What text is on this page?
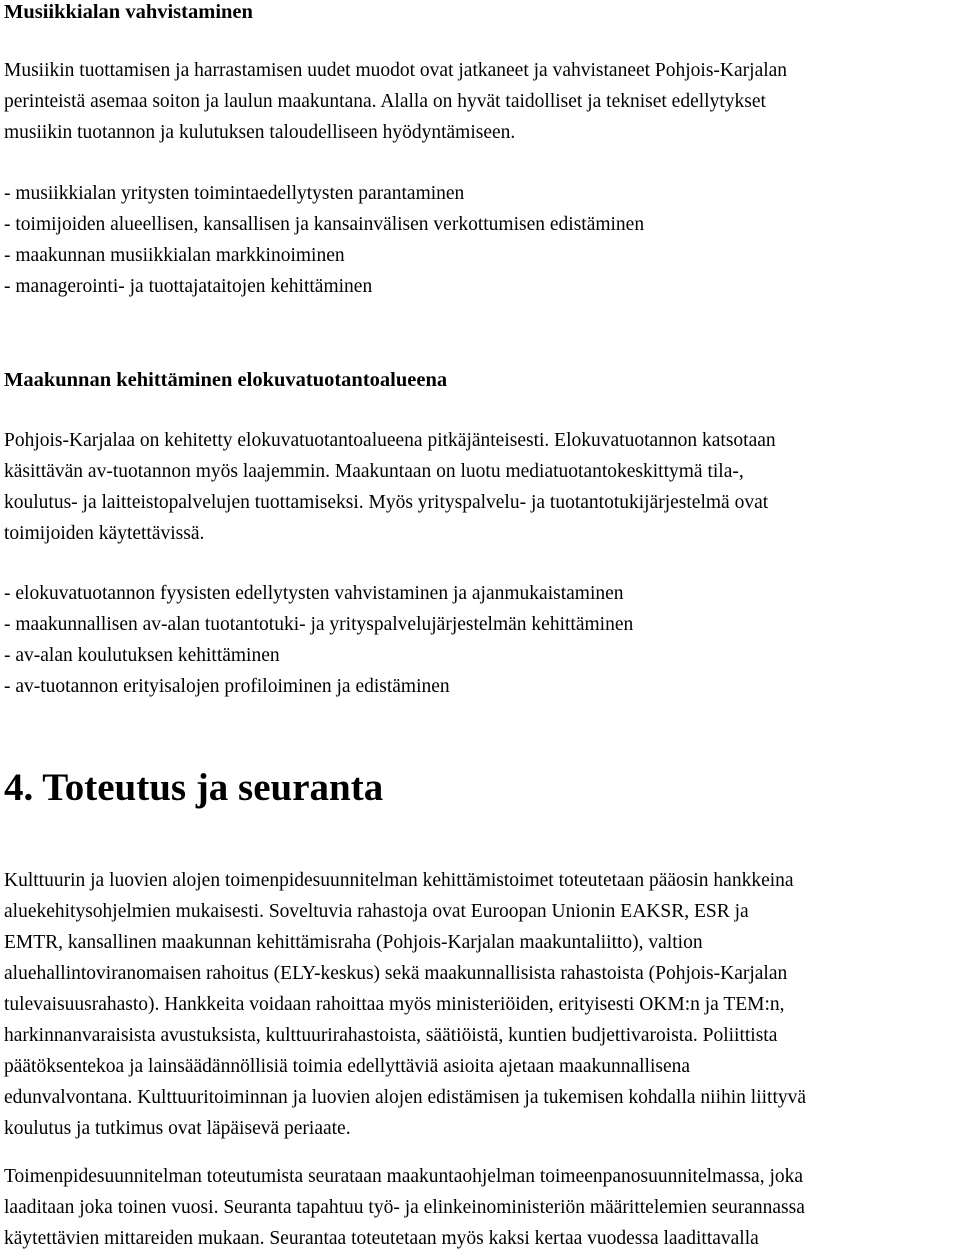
Musiikkialan vahvistaminen

Musiikin tuottamisen ja harrastamisen uudet muodot ovat jatkaneet ja vahvistaneet Pohjois-Karjalan
perinteistä asemaa soiton ja laulun maakuntana. Alalla on hyvät taidolliset ja tekniset edellytykset
musiikin tuotannon ja kulutuksen taloudelliseen hyödyntämiseen.

- musiikkialan yritysten toimintaedellytysten parantaminen
- toimijoiden alueellisen, kansallisen ja kansainvälisen verkottumisen edistäminen
- maakunnan musiikkialan markkinoiminen
- managerointi- ja tuottajataitojen kehittäminen
Maakunnan kehittäminen elokuvatuotantoalueena

Pohjois-Karjalaa on kehitetty elokuvatuotantoalueena pitkäjänteisesti. Elokuvatuotannon katsotaan
käsittävän av-tuotannon myös laajemmin. Maakuntaan on luotu mediatuotantokeskittymä tila-,
koulutus- ja laitteistopalvelujen tuottamiseksi. Myös yrityspalvelu- ja tuotantotukijärjestelmä ovat
toimijoiden käytettävissä.

- elokuvatuotannon fyysisten edellytysten vahvistaminen ja ajanmukaistaminen
- maakunnallisen av-alan tuotantotuki- ja yrityspalvelujärjestelmän kehittäminen
- av-alan koulutuksen kehittäminen
- av-tuotannon erityisalojen profiloiminen ja edistäminen
4. Toteutus ja seuranta

Kulttuurin ja luovien alojen toimenpidesuunnitelman kehittämistoimet toteutetaan pääosin hankkeina
aluekehitysohjelmien mukaisesti. Soveltuvia rahastoja ovat Euroopan Unionin EAKSR, ESR ja
EMTR, kansallinen maakunnan kehittämisraha (Pohjois-Karjalan maakuntaliitto), valtion
aluehallintoviranomaisen rahoitus (ELY-keskus) sekä maakunnallisista rahastoista (Pohjois-Karjalan
tulevaisuusrahasto). Hankkeita voidaan rahoittaa myös ministeriöiden, erityisesti OKM:n ja TEM:n,
harkinnanvaraisista avustuksista, kulttuurirahastoista, säätiöistä, kuntien budjettivaroista. Poliittista
päätöksentekoa ja lainsäädännöllisiä toimia edellyttäviä asioita ajetaan maakunnallisena
edunvalvontana. Kulttuuritoiminnan ja luovien alojen edistämisen ja tukemisen kohdalla niihin liittyvä
koulutus ja tutkimus ovat läpäisevä periaate.

Toimenpidesuunnitelman toteutumista seurataan maakuntaohjelman toimeenpanosuunnitelmassa, joka
laaditaan joka toinen vuosi. Seuranta tapahtuu työ- ja elinkeinoministeriön määrittelemien seurannassa
käytettävien mittareiden mukaan. Seurantaa toteutetaan myös kaksi kertaa vuodessa laadittavalla
